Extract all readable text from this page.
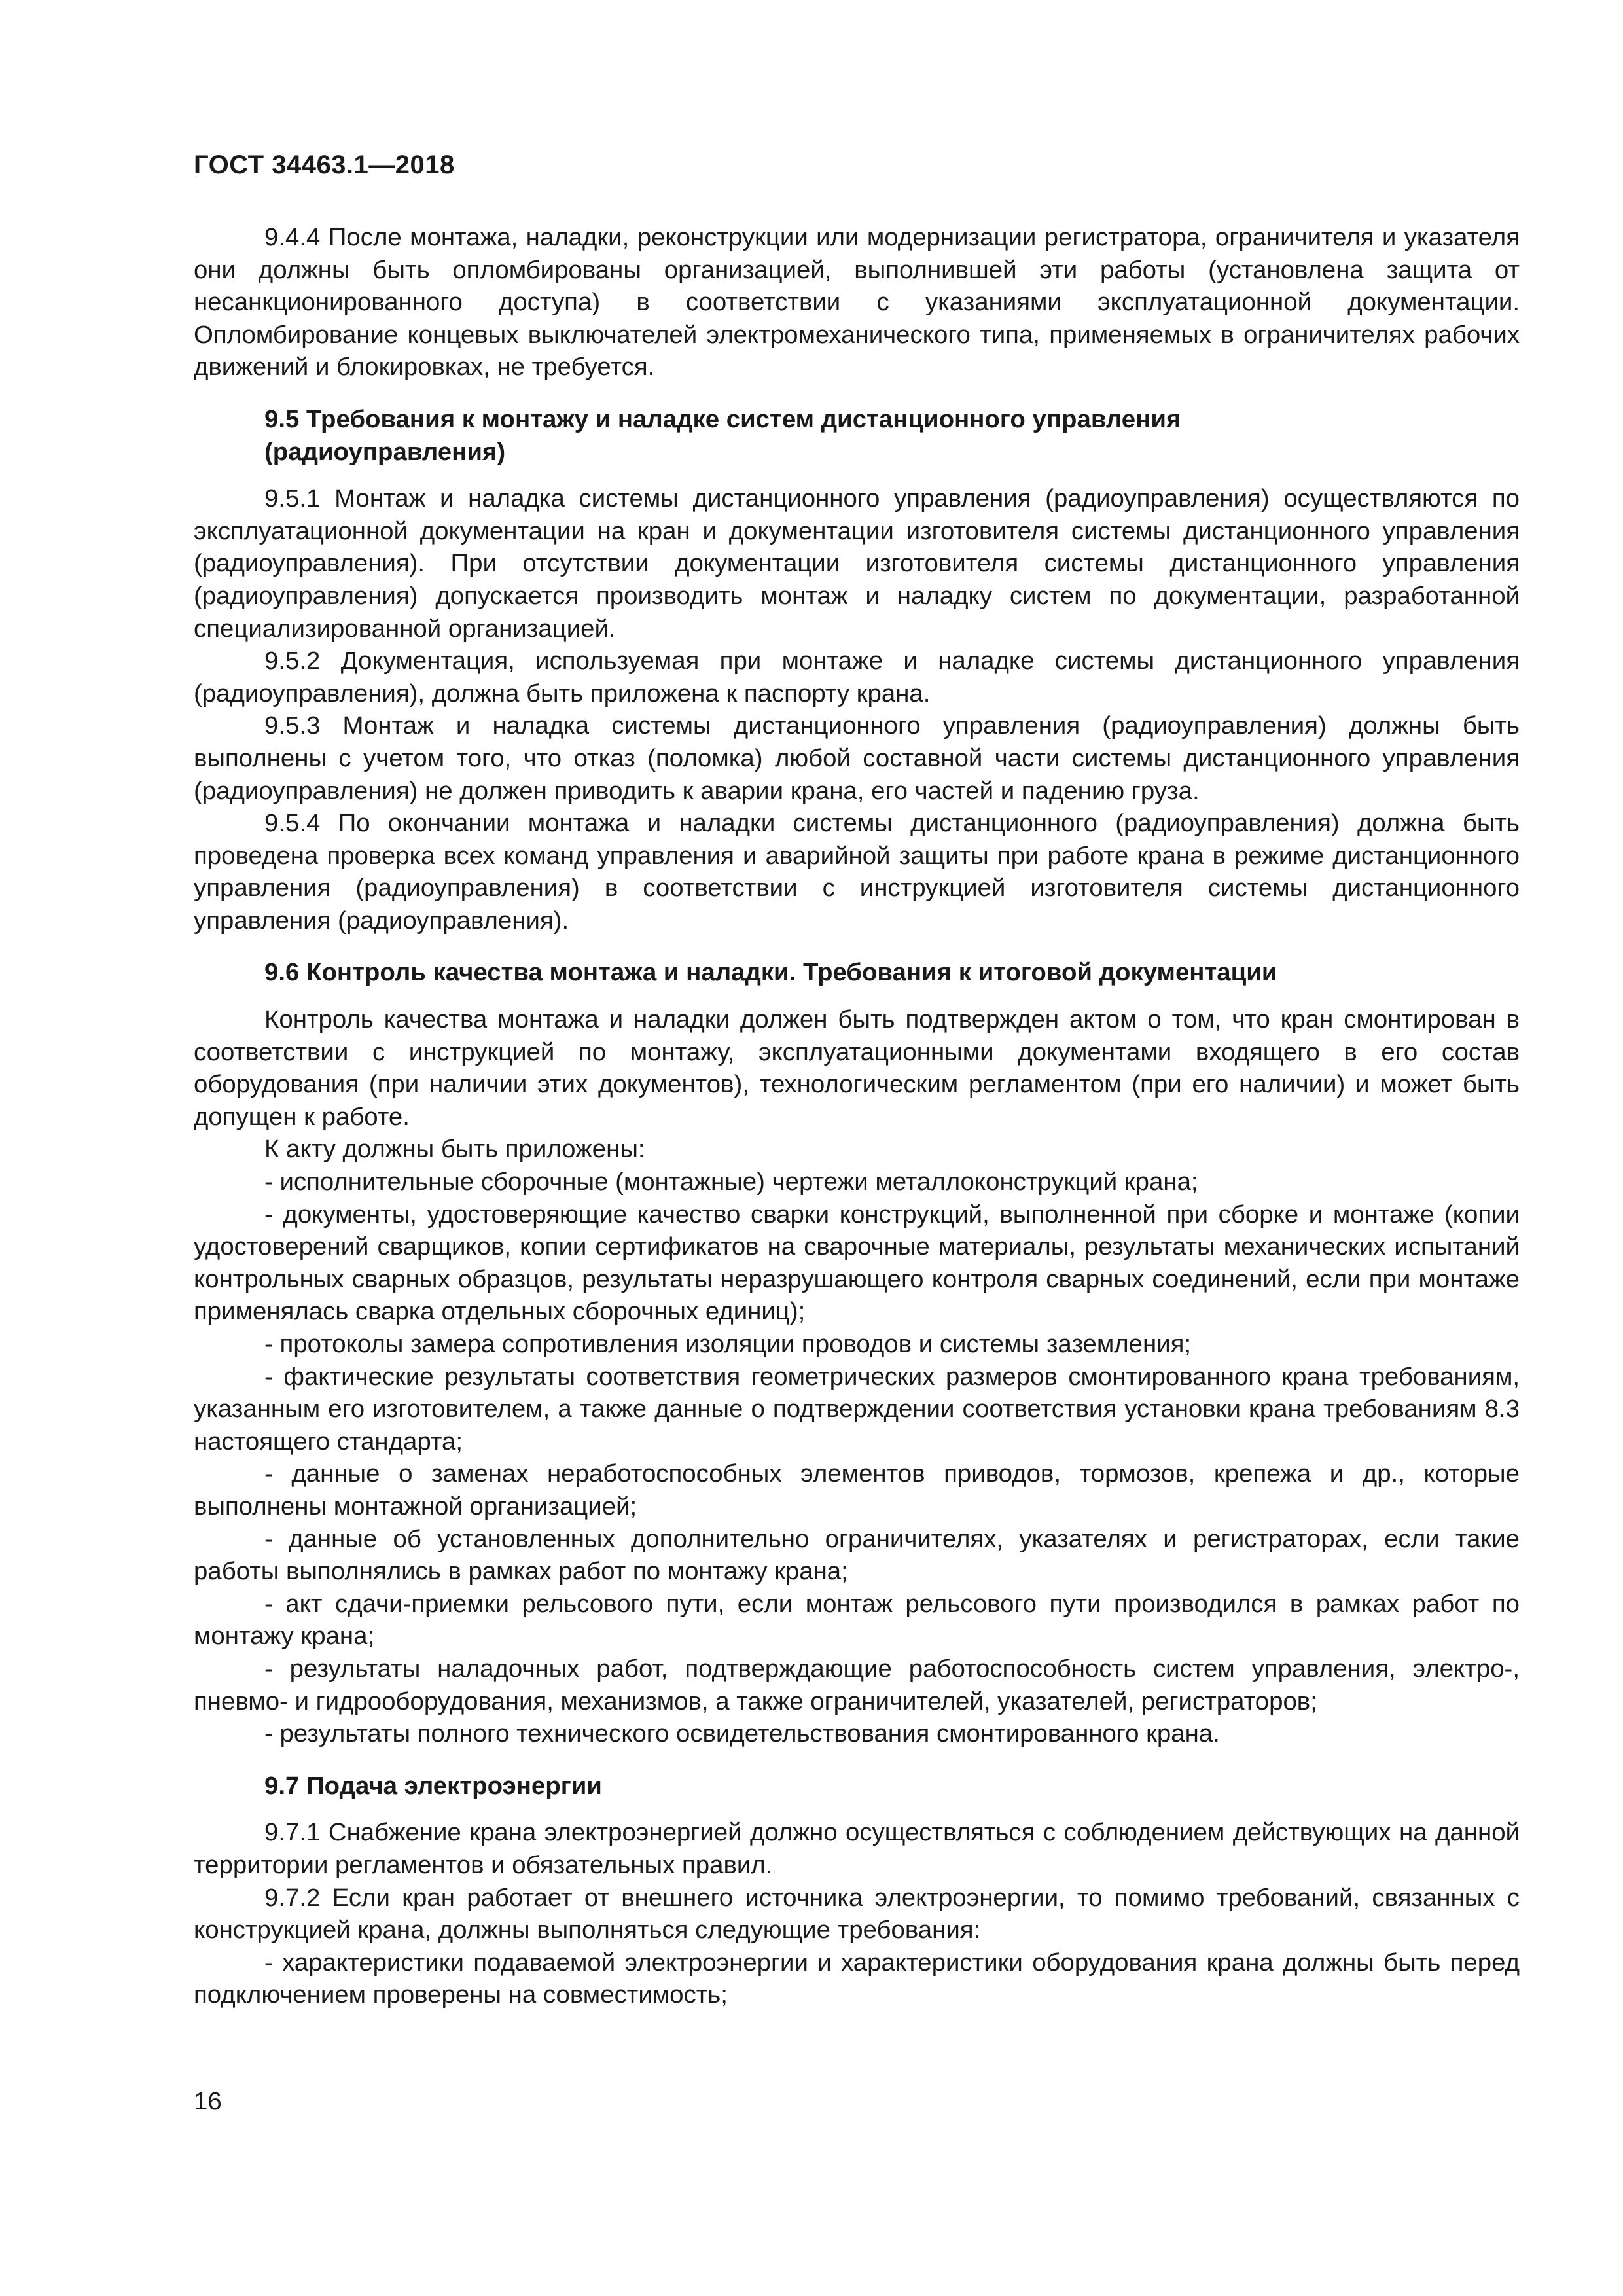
ГОСТ 34463.1—2018

9.4.4 После монтажа, наладки, реконструкции или модернизации регистратора, ограничителя и указателя они должны быть опломбированы организацией, выполнившей эти работы (установлена защита от несанкционированного доступа) в соответствии с указаниями эксплуатационной документации. Опломбирование концевых выключателей электромеханического типа, применяемых в ограничителях рабочих движений и блокировках, не требуется.

9.5 Требования к монтажу и наладке систем дистанционного управления (радиоуправления)

9.5.1 Монтаж и наладка системы дистанционного управления (радиоуправления) осуществляются по эксплуатационной документации на кран и документации изготовителя системы дистанционного управления (радиоуправления). При отсутствии документации изготовителя системы дистанционного управления (радиоуправления) допускается производить монтаж и наладку систем по документации, разработанной специализированной организацией.

9.5.2 Документация, используемая при монтаже и наладке системы дистанционного управления (радиоуправления), должна быть приложена к паспорту крана.

9.5.3 Монтаж и наладка системы дистанционного управления (радиоуправления) должны быть выполнены с учетом того, что отказ (поломка) любой составной части системы дистанционного управления (радиоуправления) не должен приводить к аварии крана, его частей и падению груза.

9.5.4 По окончании монтажа и наладки системы дистанционного (радиоуправления) должна быть проведена проверка всех команд управления и аварийной защиты при работе крана в режиме дистанционного управления (радиоуправления) в соответствии с инструкцией изготовителя системы дистанционного управления (радиоуправления).

9.6 Контроль качества монтажа и наладки. Требования к итоговой документации

Контроль качества монтажа и наладки должен быть подтвержден актом о том, что кран смонтирован в соответствии с инструкцией по монтажу, эксплуатационными документами входящего в его состав оборудования (при наличии этих документов), технологическим регламентом (при его наличии) и может быть допущен к работе.

К акту должны быть приложены:

- исполнительные сборочные (монтажные) чертежи металлоконструкций крана;

- документы, удостоверяющие качество сварки конструкций, выполненной при сборке и монтаже (копии удостоверений сварщиков, копии сертификатов на сварочные материалы, результаты механических испытаний контрольных сварных образцов, результаты неразрушающего контроля сварных соединений, если при монтаже применялась сварка отдельных сборочных единиц);

- протоколы замера сопротивления изоляции проводов и системы заземления;

- фактические результаты соответствия геометрических размеров смонтированного крана требованиям, указанным его изготовителем, а также данные о подтверждении соответствия установки крана требованиям 8.3 настоящего стандарта;

- данные о заменах неработоспособных элементов приводов, тормозов, крепежа и др., которые выполнены монтажной организацией;

- данные об установленных дополнительно ограничителях, указателях и регистраторах, если такие работы выполнялись в рамках работ по монтажу крана;

- акт сдачи-приемки рельсового пути, если монтаж рельсового пути производился в рамках работ по монтажу крана;

- результаты наладочных работ, подтверждающие работоспособность систем управления, электро-, пневмо- и гидрооборудования, механизмов, а также ограничителей, указателей, регистраторов;

- результаты полного технического освидетельствования смонтированного крана.

9.7 Подача электроэнергии

9.7.1 Снабжение крана электроэнергией должно осуществляться с соблюдением действующих на данной территории регламентов и обязательных правил.

9.7.2 Если кран работает от внешнего источника электроэнергии, то помимо требований, связанных с конструкцией крана, должны выполняться следующие требования:

- характеристики подаваемой электроэнергии и характеристики оборудования крана должны быть перед подключением проверены на совместимость;

16
